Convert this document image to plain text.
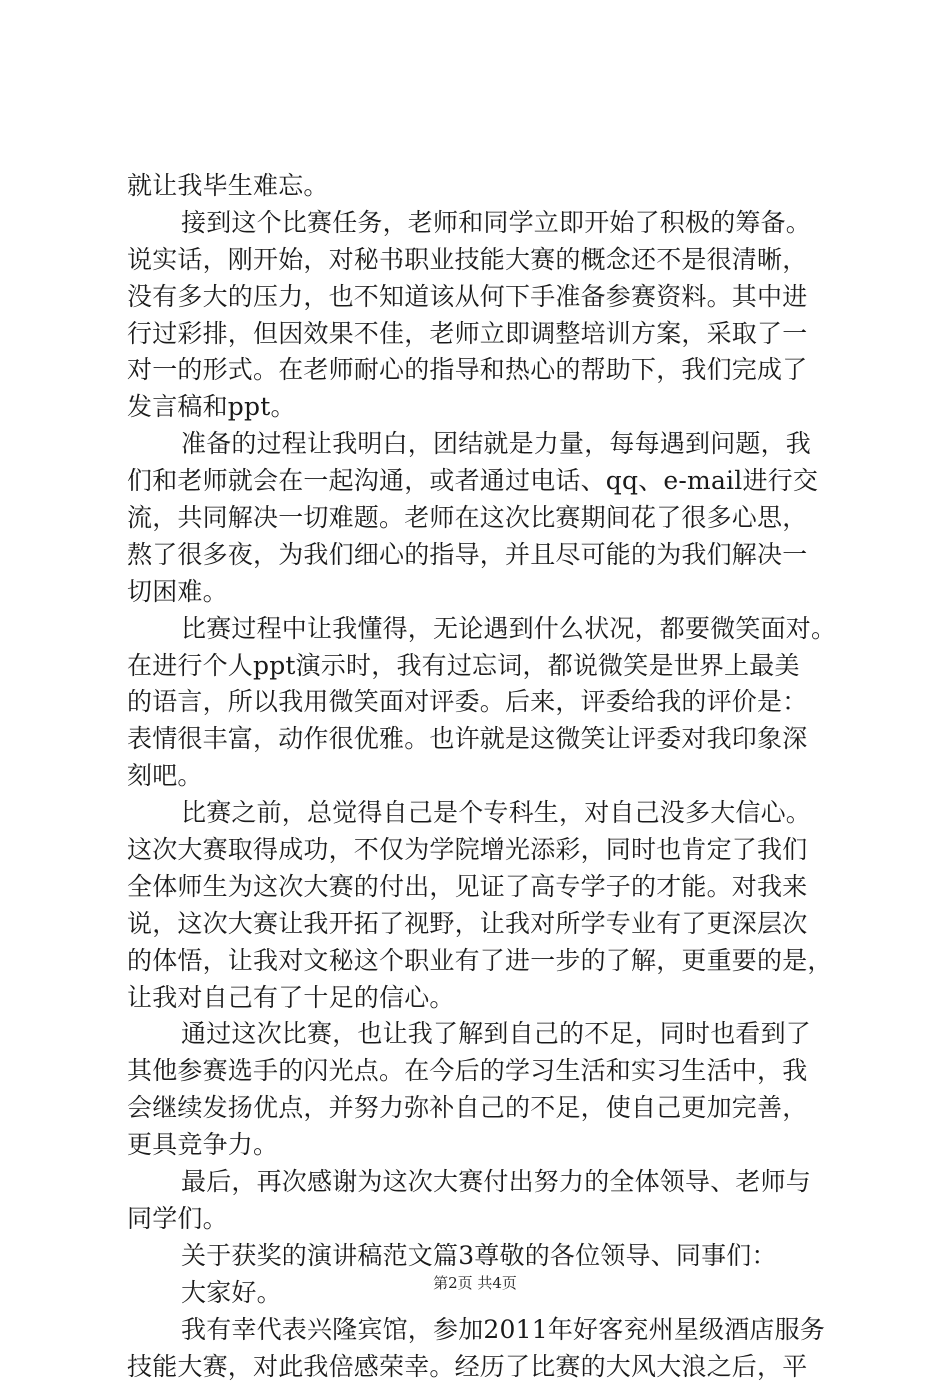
就让我毕生难忘。
接到这个比赛任务，老师和同学立即开始了积极的筹备。
说实话，刚开始，对秘书职业技能大赛的概念还不是很清晰，
没有多大的压力，也不知道该从何下手准备参赛资料。其中进
行过彩排，但因效果不佳，老师立即调整培训方案，采取了一
对一的形式。在老师耐心的指导和热心的帮助下，我们完成了
发言稿和ppt。
准备的过程让我明白，团结就是力量，每每遇到问题，我
们和老师就会在一起沟通，或者通过电话、qq、e-mail进行交
流，共同解决一切难题。老师在这次比赛期间花了很多心思，
熬了很多夜，为我们细心的指导，并且尽可能的为我们解决一
切困难。
比赛过程中让我懂得，无论遇到什么状况，都要微笑面对。
在进行个人ppt演示时，我有过忘词，都说微笑是世界上最美
的语言，所以我用微笑面对评委。后来，评委给我的评价是：
表情很丰富，动作很优雅。也许就是这微笑让评委对我印象深
刻吧。
比赛之前，总觉得自己是个专科生，对自己没多大信心。
这次大赛取得成功，不仅为学院增光添彩，同时也肯定了我们
全体师生为这次大赛的付出，见证了高专学子的才能。对我来
说，这次大赛让我开拓了视野，让我对所学专业有了更深层次
的体悟，让我对文秘这个职业有了进一步的了解，更重要的是，
让我对自己有了十足的信心。
通过这次比赛，也让我了解到自己的不足，同时也看到了
其他参赛选手的闪光点。在今后的学习生活和实习生活中，我
会继续发扬优点，并努力弥补自己的不足，使自己更加完善，
更具竞争力。
最后，再次感谢为这次大赛付出努力的全体领导、老师与
同学们。
关于获奖的演讲稿范文篇3尊敬的各位领导、同事们：
大家好。
我有幸代表兴隆宾馆，参加2011年好客兖州星级酒店服务
技能大赛，对此我倍感荣幸。经历了比赛的大风大浪之后，平
第2页 共4页
